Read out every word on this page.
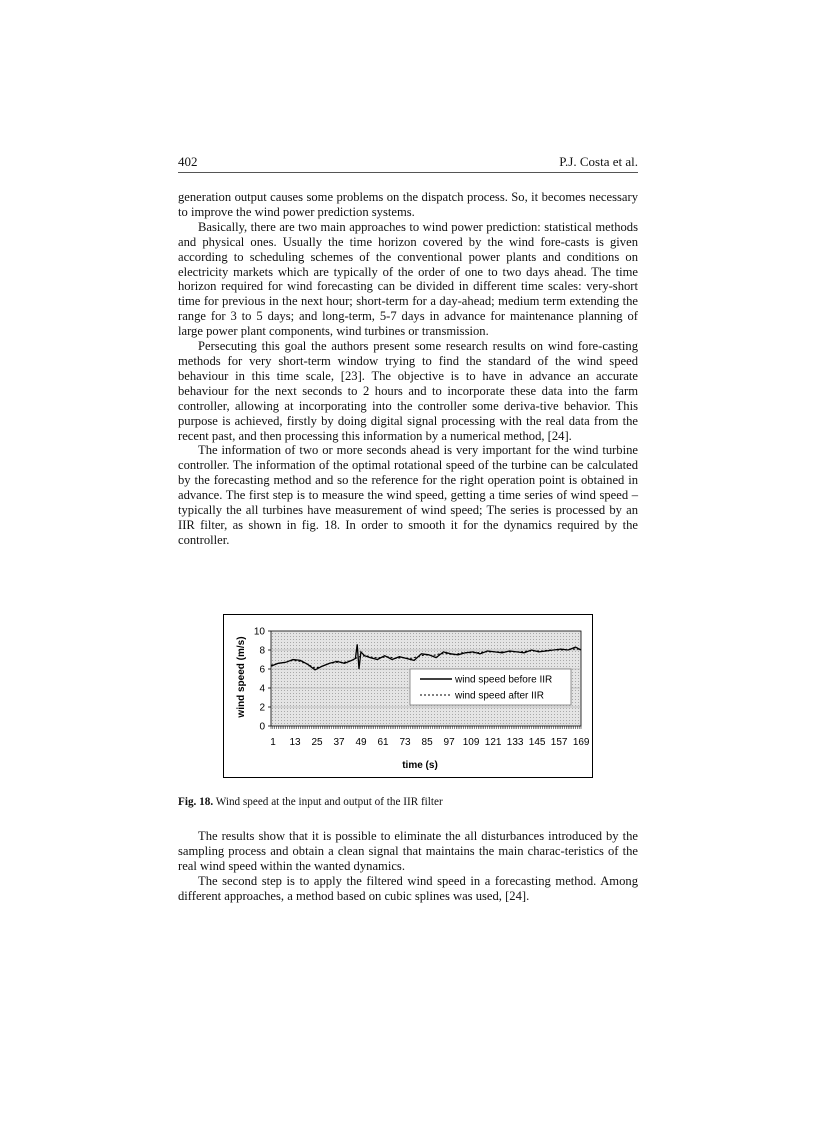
402	P.J. Costa et al.

generation output causes some problems on the dispatch process. So, it becomes necessary to improve the wind power prediction systems.

Basically, there are two main approaches to wind power prediction: statistical methods and physical ones. Usually the time horizon covered by the wind fore-casts is given according to scheduling schemes of the conventional power plants and conditions on electricity markets which are typically of the order of one to two days ahead. The time horizon required for wind forecasting can be divided in different time scales: very-short time for previous in the next hour; short-term for a day-ahead; medium term extending the range for 3 to 5 days; and long-term, 5-7 days in advance for maintenance planning of large power plant components, wind turbines or transmission.

Persecuting this goal the authors present some research results on wind fore-casting methods for very short-term window trying to find the standard of the wind speed behaviour in this time scale, [23]. The objective is to have in advance an accurate behaviour for the next seconds to 2 hours and to incorporate these data into the farm controller, allowing at incorporating into the controller some deriva-tive behavior. This purpose is achieved, firstly by doing digital signal processing with the real data from the recent past, and then processing this information by a numerical method, [24].

The information of two or more seconds ahead is very important for the wind turbine controller. The information of the optimal rotational speed of the turbine can be calculated by the forecasting method and so the reference for the right operation point is obtained in advance. The first step is to measure the wind speed, getting a time series of wind speed – typically the all turbines have measurement of wind speed; The series is processed by an IIR filter, as shown in fig. 18. In order to smooth it for the dynamics required by the controller.

0
2
4
6
8
10
1 13 25 37 49 61 73 85 97 109 121 133 145 157 169
wind speed (m/s)
time (s)
wind speed before IIR
wind speed after IIR
Fig. 18. Wind speed at the input and output of the IIR filter

The results show that it is possible to eliminate the all disturbances introduced by the sampling process and obtain a clean signal that maintains the main charac-teristics of the real wind speed within the wanted dynamics.

The second step is to apply the filtered wind speed in a forecasting method. Among different approaches, a method based on cubic splines was used, [24].
